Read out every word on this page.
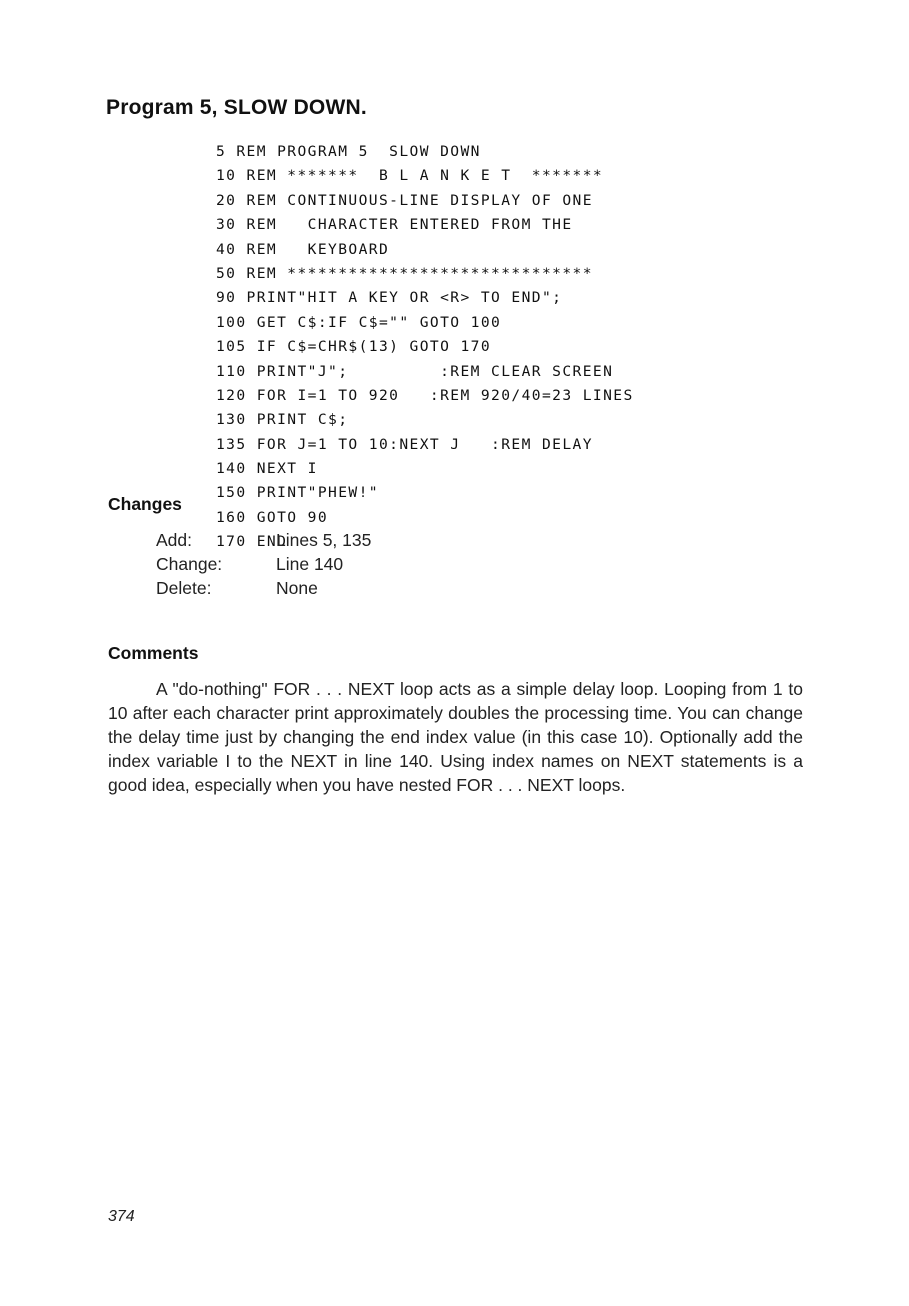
Program 5, SLOW DOWN.
5 REM PROGRAM 5  SLOW DOWN
10 REM *******  B L A N K E T  *******
20 REM CONTINUOUS-LINE DISPLAY OF ONE
30 REM   CHARACTER ENTERED FROM THE
40 REM   KEYBOARD
50 REM ******************************
90 PRINT"HIT A KEY OR <R> TO END";
100 GET C$:IF C$="" GOTO 100
105 IF C$=CHR$(13) GOTO 170
110 PRINT"J";         :REM CLEAR SCREEN
120 FOR I=1 TO 920   :REM 920/40=23 LINES
130 PRINT C$;
135 FOR J=1 TO 10:NEXT J   :REM DELAY
140 NEXT I
150 PRINT"PHEW!"
160 GOTO 90
170 END
Changes
Add:	Lines 5, 135
Change:	Line 140
Delete:	None
Comments

A "do-nothing" FOR . . . NEXT loop acts as a simple delay loop. Looping from 1 to 10 after each character print approximately doubles the processing time. You can change the delay time just by changing the end index value (in this case 10). Optionally add the index variable I to the NEXT in line 140. Using index names on NEXT statements is a good idea, especially when you have nested FOR . . . NEXT loops.

374
